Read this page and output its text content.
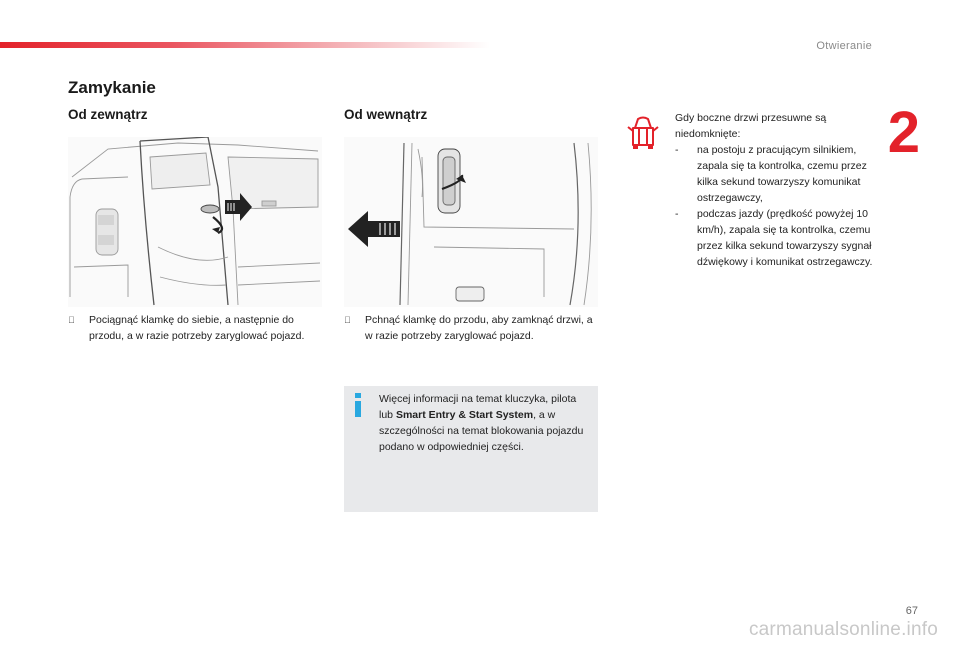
Otwieranie
2
Zamykanie
Od zewnątrz	Od wewnątrz
Pociągnąć klamkę do siebie, a następnie do przodu, a w razie potrzeby zaryglować pojazd.
Pchnąć klamkę do przodu, aby zamknąć drzwi, a w razie potrzeby zaryglować pojazd.
Więcej informacji na temat kluczyka, pilota lub Smart Entry & Start System, a w szczególności na temat blokowania pojazdu podano w odpowiedniej części.
Gdy boczne drzwi przesuwne są niedomknięte:
- na postoju z pracującym silnikiem, zapala się ta kontrolka, czemu przez kilka sekund towarzyszy komunikat ostrzegawczy,
- podczas jazdy (prędkość powyżej 10 km/h), zapala się ta kontrolka, czemu przez kilka sekund towarzyszy sygnał dźwiękowy i komunikat ostrzegawczy.
67
carmanualsonline.info
